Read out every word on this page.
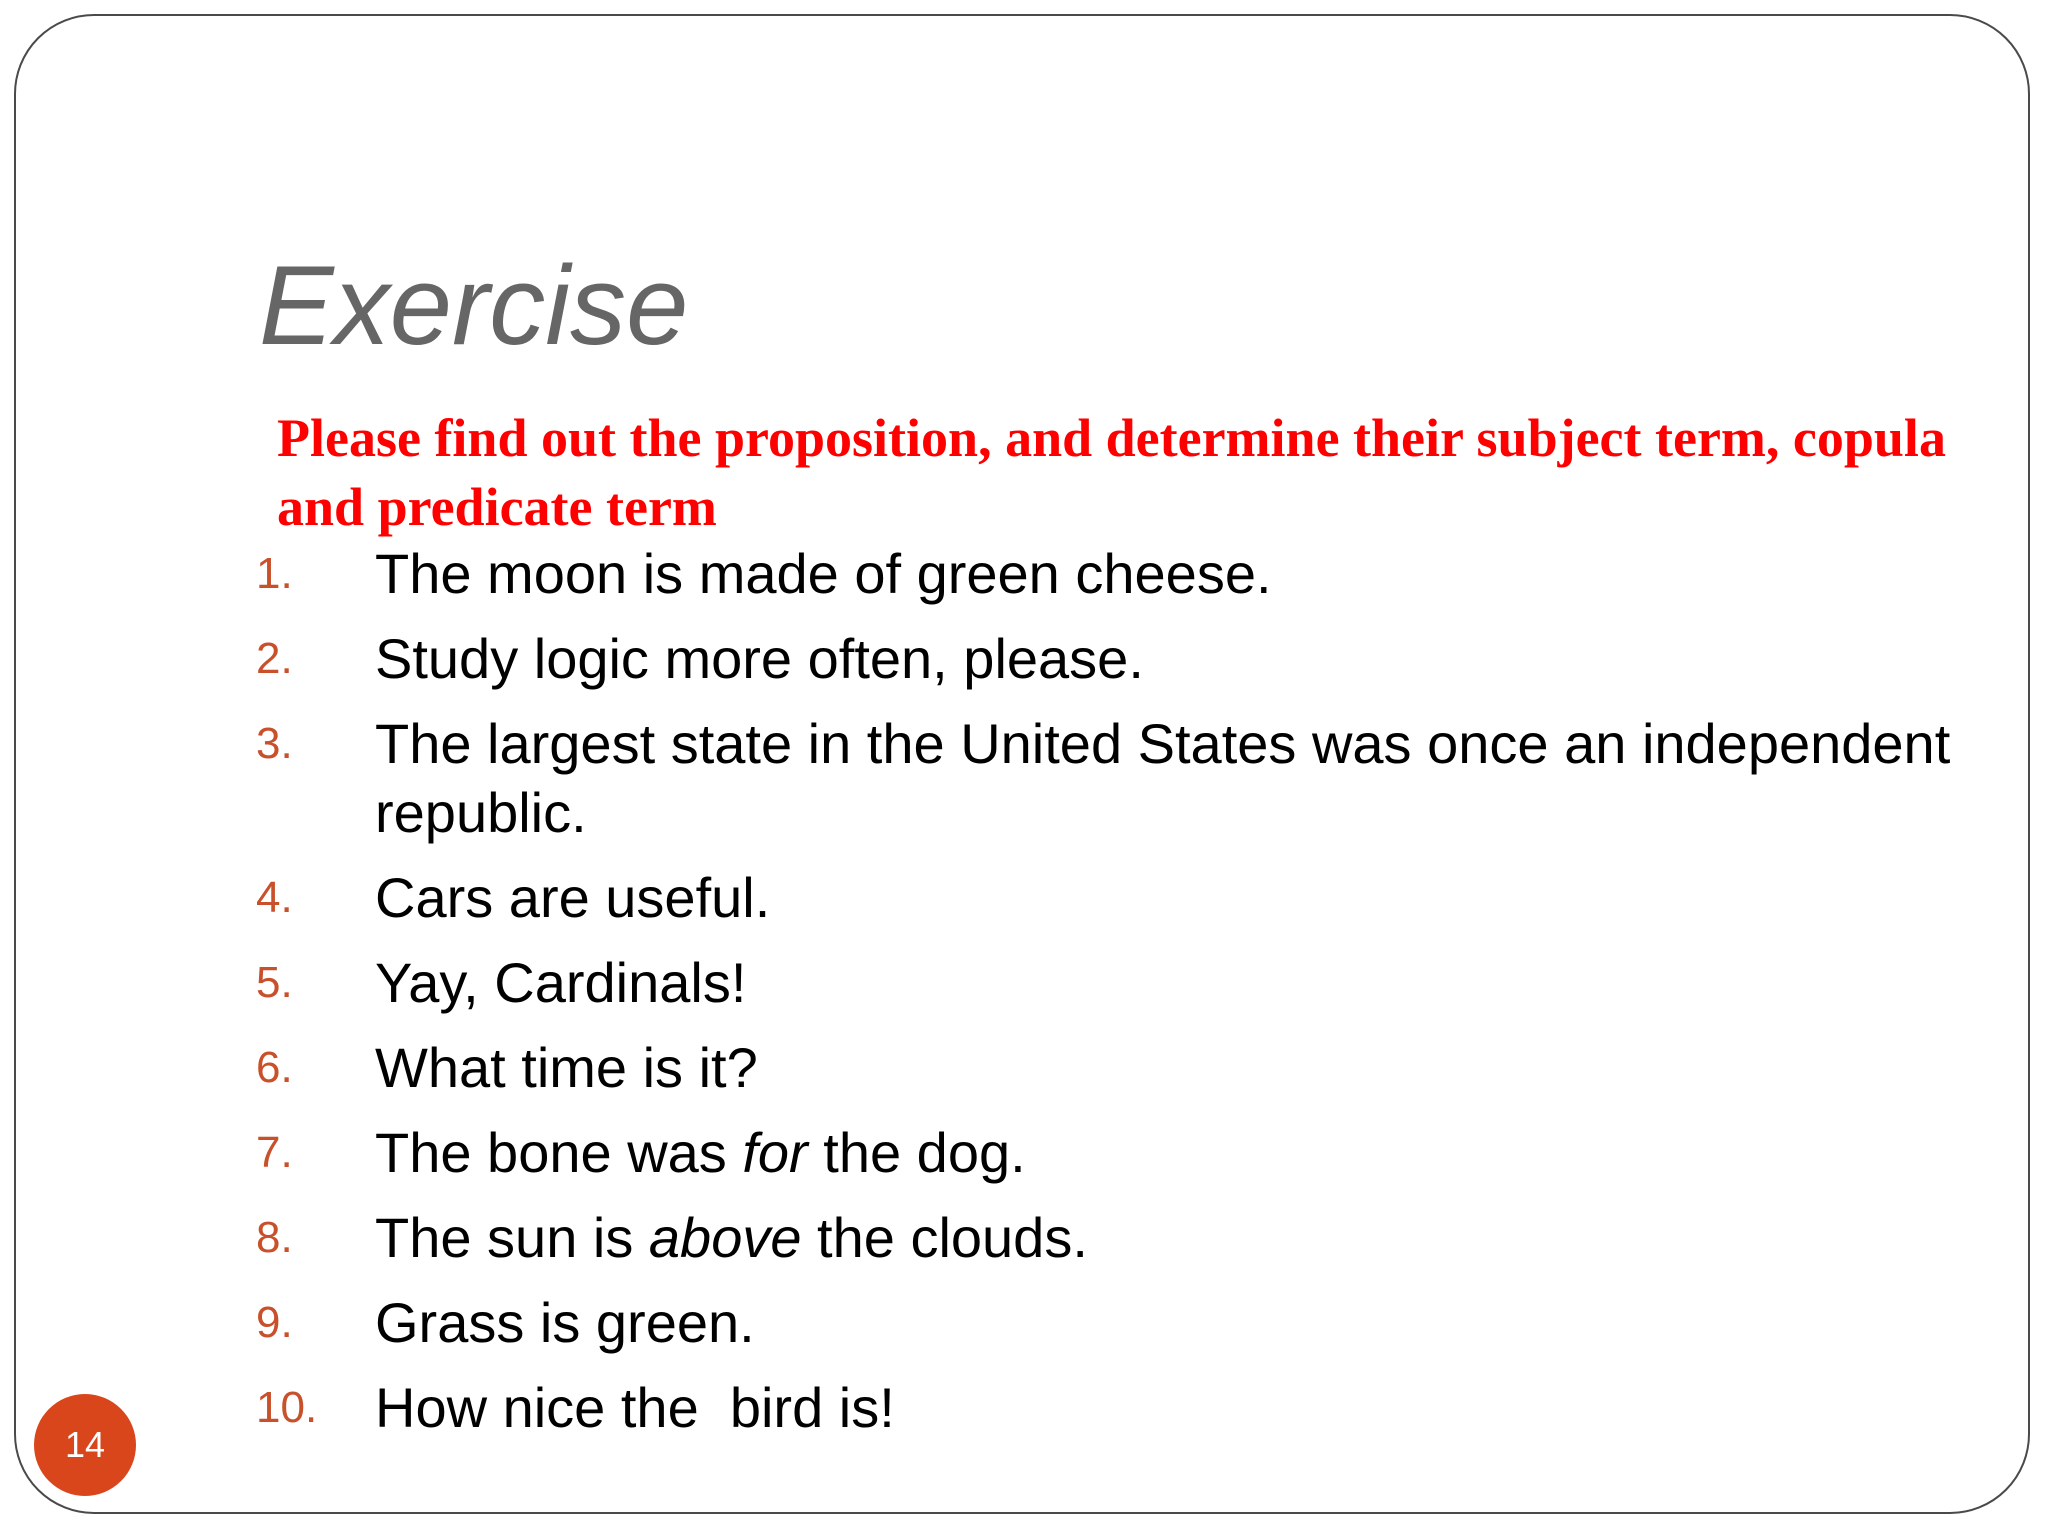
Exercise
Please find out the proposition, and determine their subject term, copula and predicate term
1.	The moon is made of green cheese.
2.	Study logic more often, please.
3.	The largest state in the United States was once an independent republic.
4.	Cars are useful.
5.	Yay, Cardinals!
6.	What time is it?
7.	The bone was for the dog.
8.	The sun is above the clouds.
9.	Grass is green.
10.	How nice the  bird is!
14
